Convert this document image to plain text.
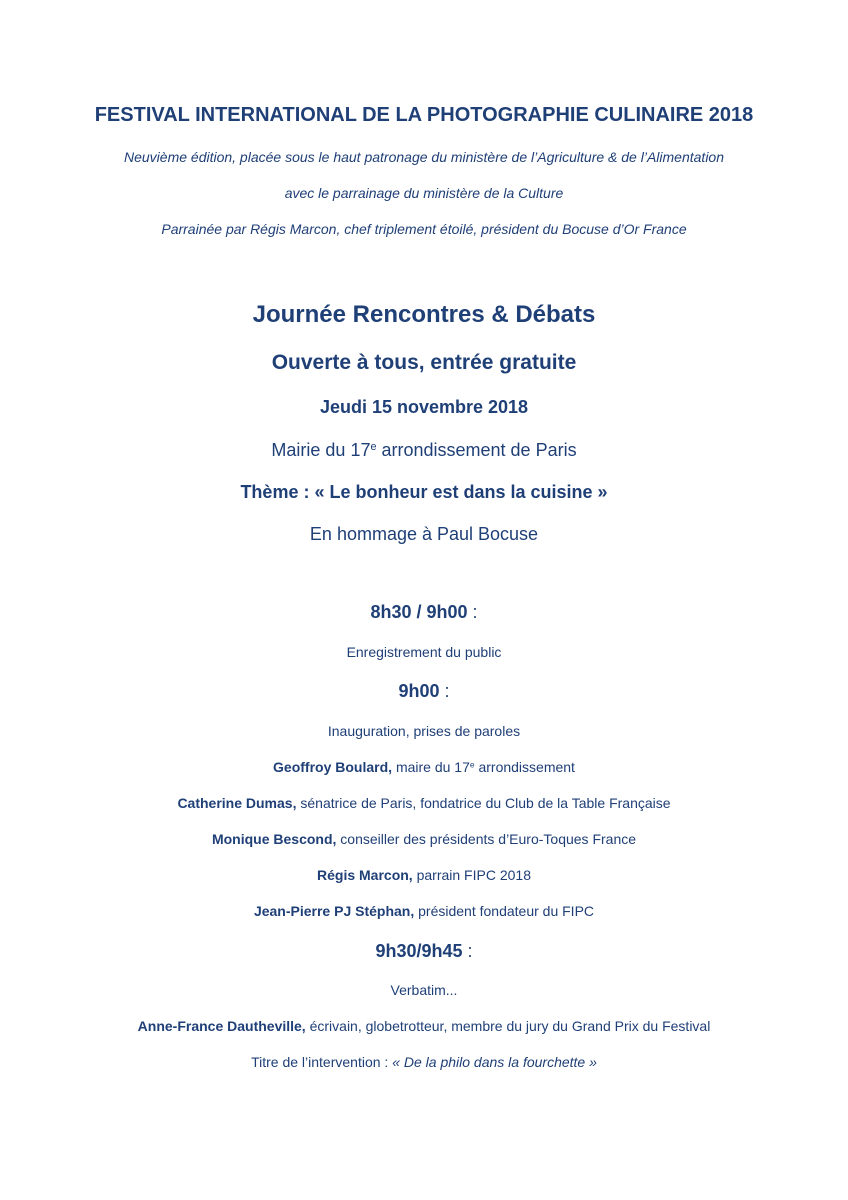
FESTIVAL INTERNATIONAL DE LA PHOTOGRAPHIE CULINAIRE 2018
Neuvième édition, placée sous le haut patronage du ministère de l’Agriculture & de l’Alimentation
avec le parrainage du ministère de la Culture
Parrainée par Régis Marcon, chef triplement étoilé, président du Bocuse d’Or France
Journée Rencontres & Débats
Ouverte à tous, entrée gratuite
Jeudi 15 novembre 2018
Mairie du 17e arrondissement de Paris
Thème : « Le bonheur est dans la cuisine »
En hommage à Paul Bocuse
8h30 / 9h00 :
Enregistrement du public
9h00 :
Inauguration, prises de paroles
Geoffroy Boulard, maire du 17e arrondissement
Catherine Dumas, sénatrice de Paris, fondatrice du Club de la Table Française
Monique Bescond, conseiller des présidents d’Euro-Toques France
Régis Marcon, parrain FIPC 2018
Jean-Pierre PJ Stéphan, président fondateur du FIPC
9h30/9h45 :
Verbatim...
Anne-France Dautheville, écrivain, globetrotteur, membre du jury du Grand Prix du Festival
Titre de l’intervention : « De la philo dans la fourchette »
